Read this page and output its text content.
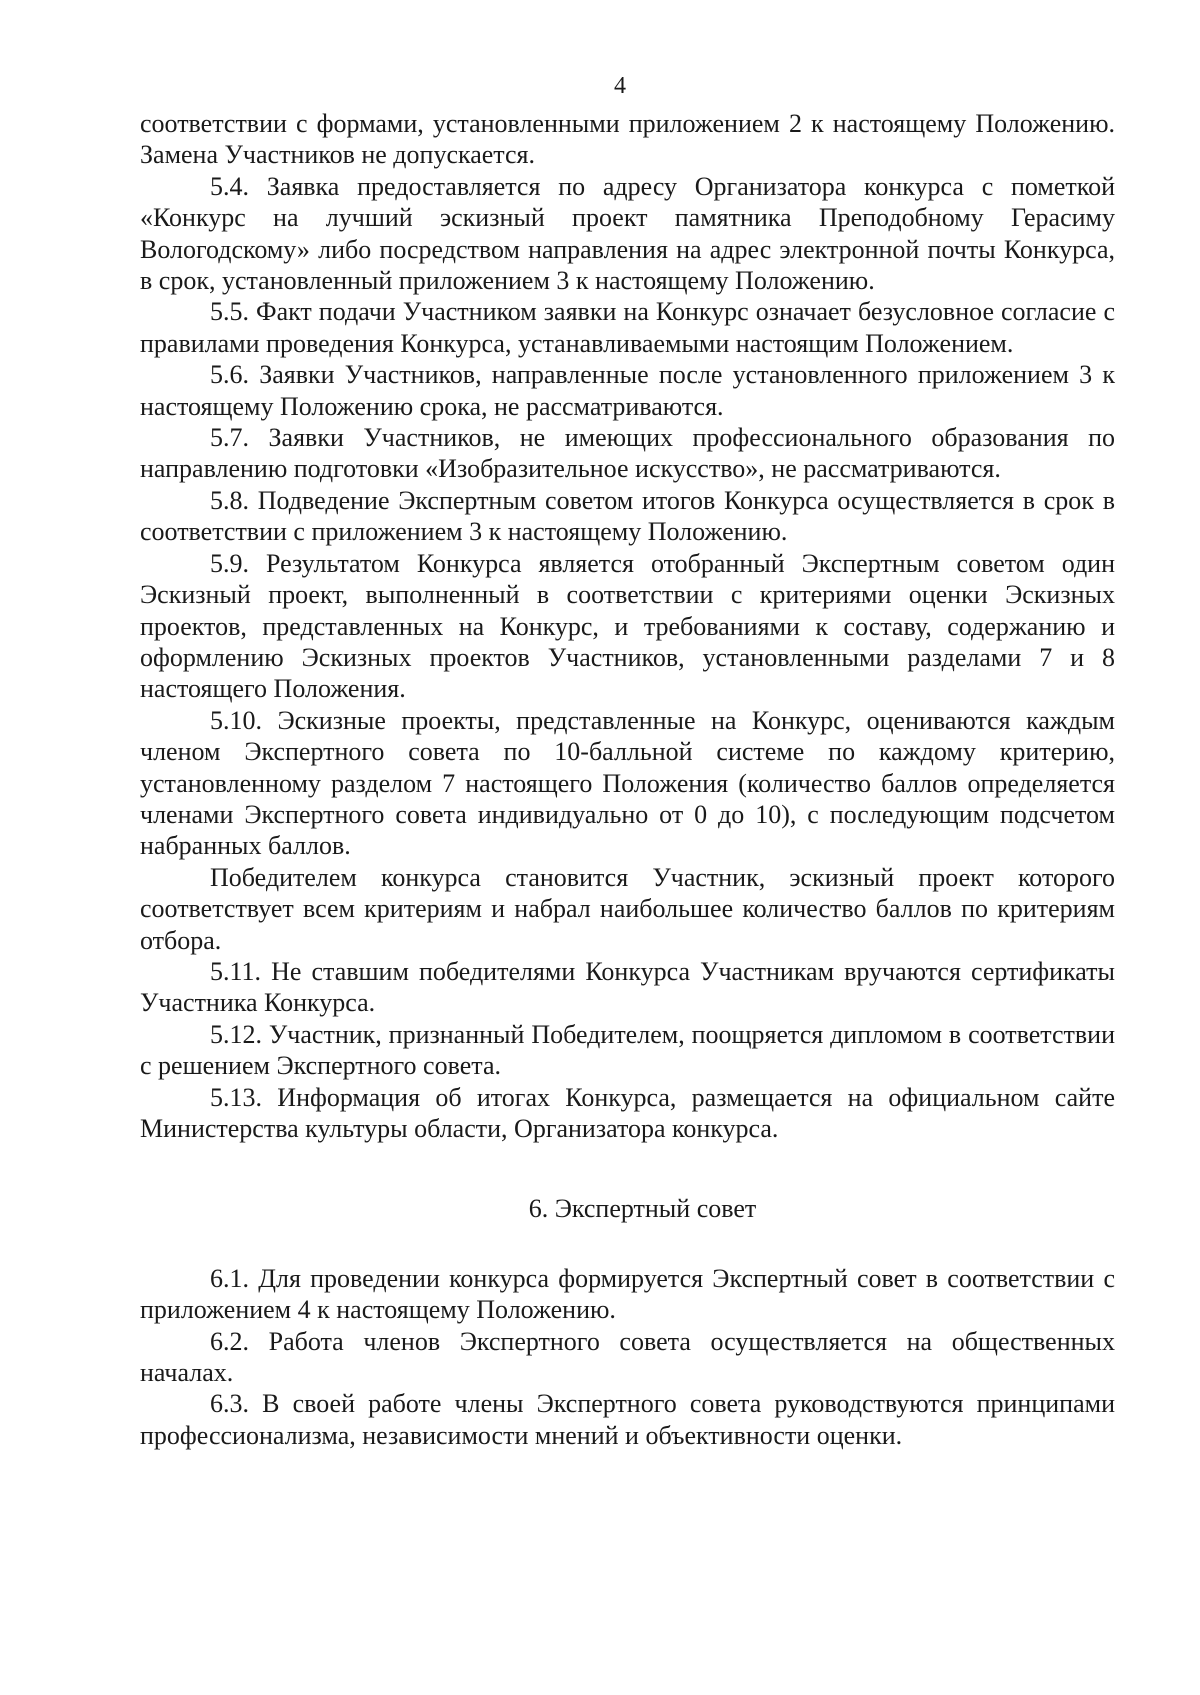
4

соответствии с формами, установленными приложением 2 к настоящему Положению. Замена Участников не допускается.

5.4. Заявка предоставляется по адресу Организатора конкурса с пометкой «Конкурс на лучший эскизный проект памятника Преподобному Герасиму Вологодскому» либо посредством направления на адрес электронной почты Конкурса, в срок, установленный приложением 3 к настоящему Положению.

5.5. Факт подачи Участником заявки на Конкурс означает безусловное согласие с правилами проведения Конкурса, устанавливаемыми настоящим Положением.

5.6. Заявки Участников, направленные после установленного приложением 3 к настоящему Положению срока, не рассматриваются.

5.7. Заявки Участников, не имеющих профессионального образования по направлению подготовки «Изобразительное искусство», не рассматриваются.

5.8. Подведение Экспертным советом итогов Конкурса осуществляется в срок в соответствии с приложением 3 к настоящему Положению.

5.9. Результатом Конкурса является отобранный Экспертным советом один Эскизный проект, выполненный в соответствии с критериями оценки Эскизных проектов, представленных на Конкурс, и требованиями к составу, содержанию и оформлению Эскизных проектов Участников, установленными разделами 7 и 8 настоящего Положения.

5.10. Эскизные проекты, представленные на Конкурс, оцениваются каждым членом Экспертного совета по 10-балльной системе по каждому критерию, установленному разделом 7 настоящего Положения (количество баллов определяется членами Экспертного совета индивидуально от 0 до 10), с последующим подсчетом набранных баллов.

Победителем конкурса становится Участник, эскизный проект которого соответствует всем критериям и набрал наибольшее количество баллов по критериям отбора.

5.11. Не ставшим победителями Конкурса Участникам вручаются сертификаты Участника Конкурса.

5.12. Участник, признанный Победителем, поощряется дипломом в соответствии с решением Экспертного совета.

5.13. Информация об итогах Конкурса, размещается на официальном сайте Министерства культуры области, Организатора конкурса.

6. Экспертный совет

6.1. Для проведении конкурса формируется Экспертный совет в соответствии с приложением 4 к настоящему Положению.

6.2. Работа членов Экспертного совета осуществляется на общественных началах.

6.3. В своей работе члены Экспертного совета руководствуются принципами профессионализма, независимости мнений и объективности оценки.
